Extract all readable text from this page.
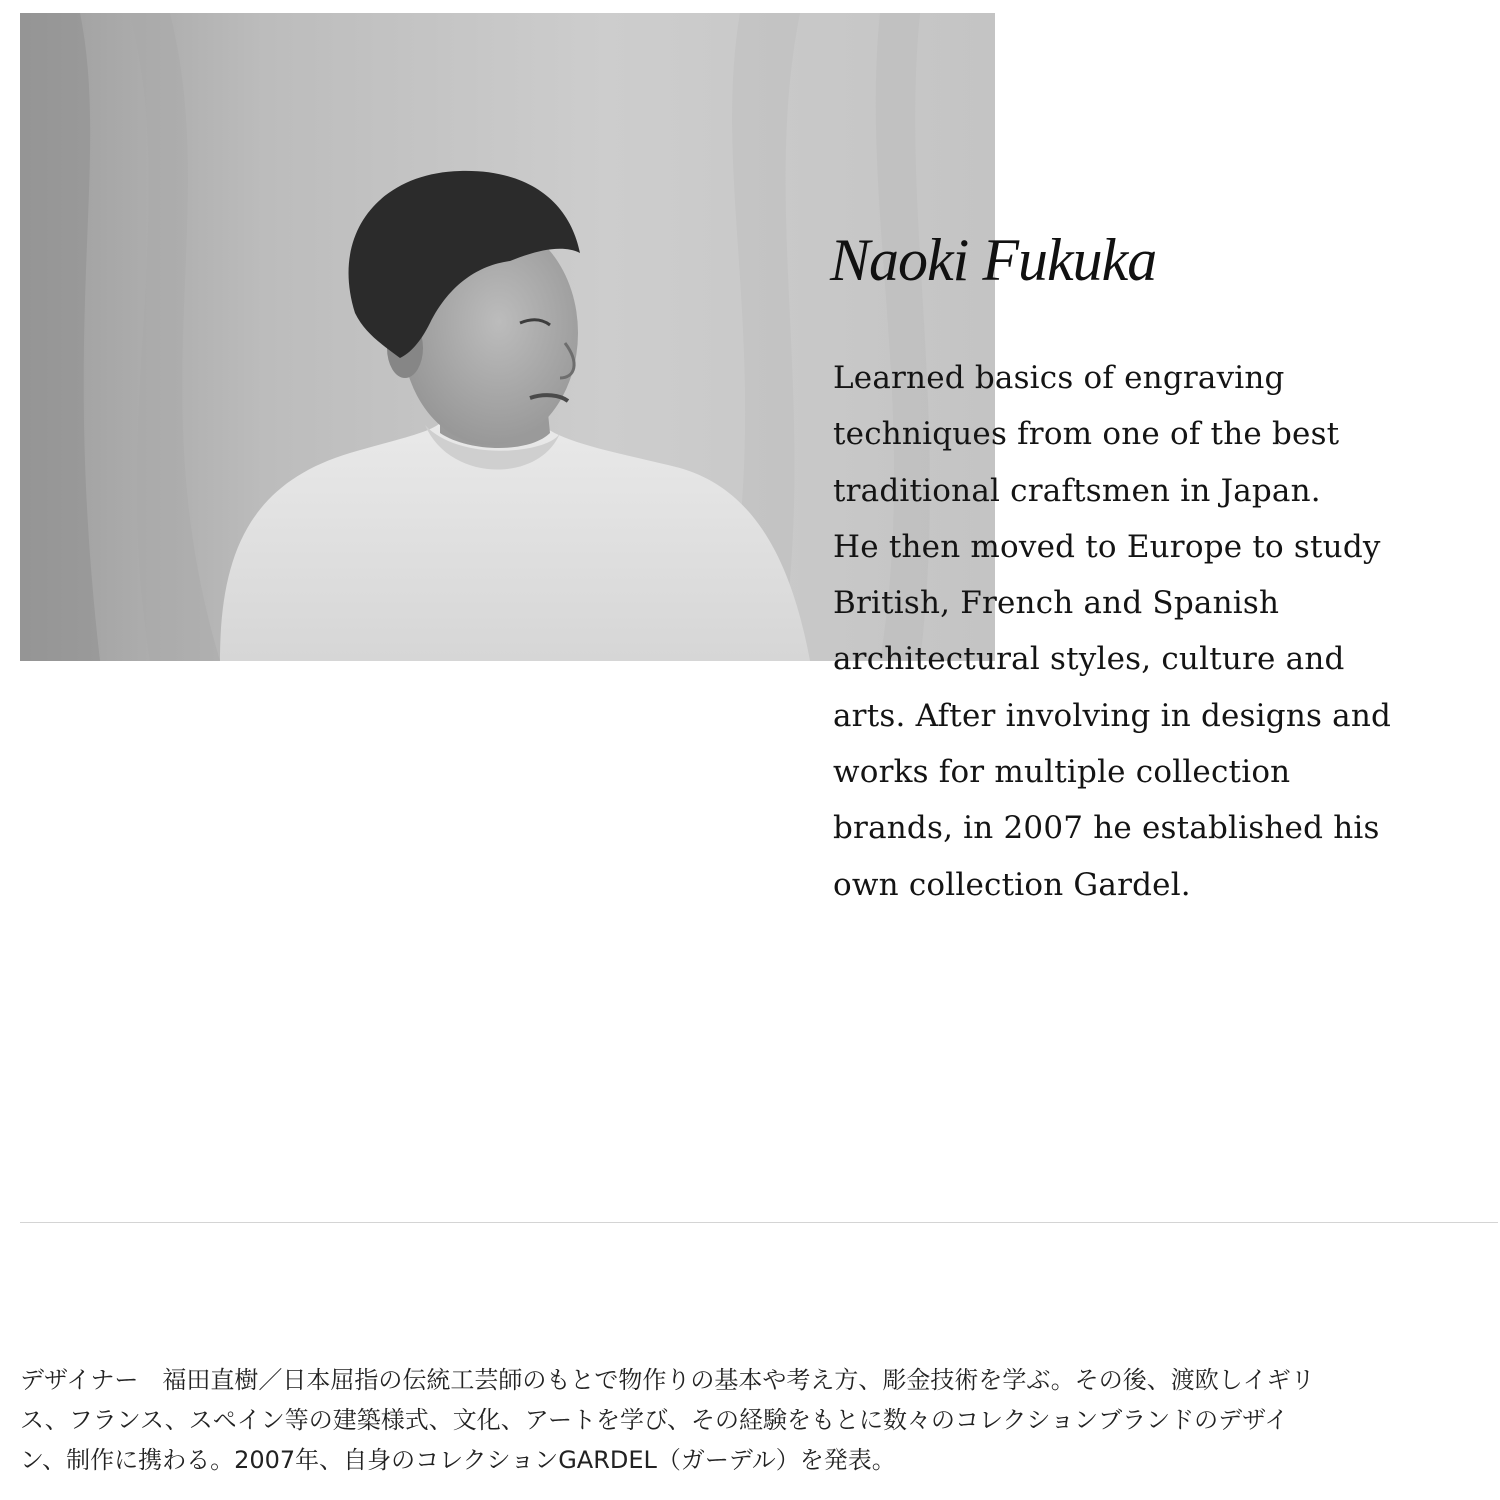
Naoki Fukuka

Learned basics of engraving
techniques from one of the best
traditional craftsmen in Japan.
He then moved to Europe to study
British, French and Spanish
architectural styles, culture and
arts. After involving in designs and
works for multiple collection
brands, in 2007 he established his
own collection Gardel.

デザイナー　福田直樹／日本屈指の伝統工芸師のもとで物作りの基本や考え方、彫金技術を学ぶ。その後、渡欧しイギリ
ス、フランス、スペイン等の建築様式、文化、アートを学び、その経験をもとに数々のコレクションブランドのデザイ
ン、制作に携わる。2007年、自身のコレクションGARDEL（ガーデル）を発表。
